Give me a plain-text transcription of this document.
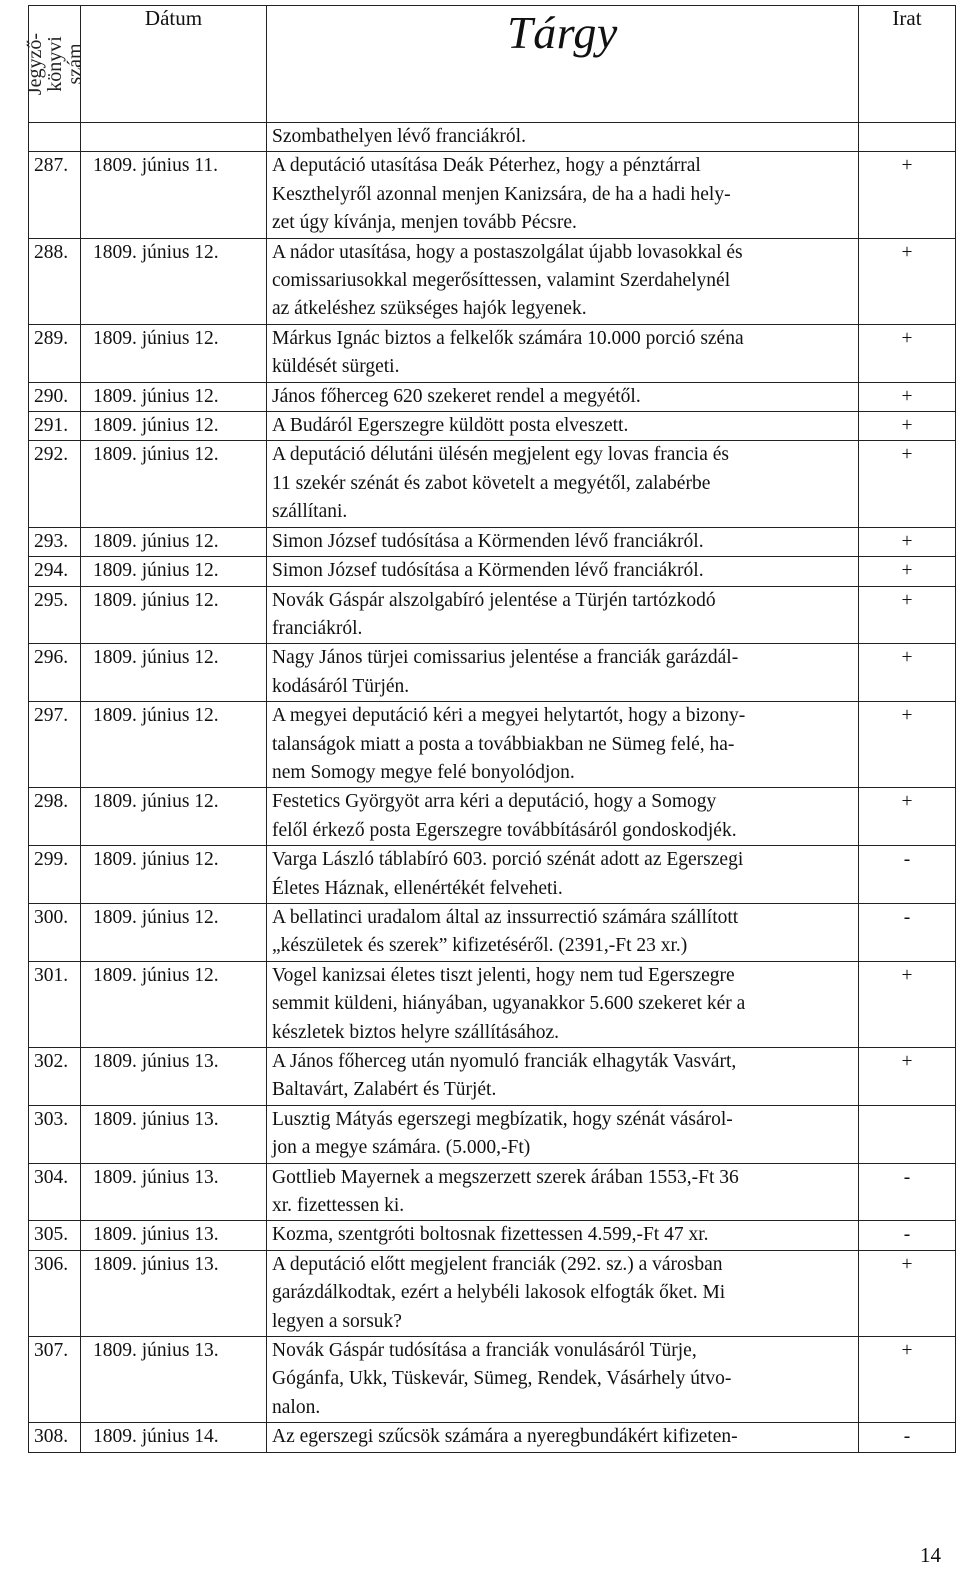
Jegyző-
könyvi
szám	Dátum	Tárgy	Irat

		Szombathelyen lévő franciákról.	

287.	1809. június 11.	A deputáció utasítása Deák Péterhez, hogy a pénztárral
Keszthelyről azonnal menjen Kanizsára, de ha a hadi hely-
zet úgy kívánja, menjen tovább Pécsre.	+
288.	1809. június 12.	A nádor utasítása, hogy a postaszolgálat újabb lovasokkal és
comissariusokkal megerősíttessen, valamint Szerdahelynél
az átkeléshez szükséges hajók legyenek.	+
289.	1809. június 12.	Márkus Ignác biztos a felkelők számára 10.000 porció széna
küldését sürgeti.	+
290.	1809. június 12.	János főherceg 620 szekeret rendel a megyétől.	+
291.	1809. június 12.	A Budáról Egerszegre küldött posta elveszett.	+
292.	1809. június 12.	A deputáció délutáni ülésén megjelent egy lovas francia és
11 szekér szénát és zabot követelt a megyétől, zalabérbe
szállítani.	+
293.	1809. június 12.	Simon József tudósítása a Körmenden lévő franciákról.	+
294.	1809. június 12.	Simon József tudósítása a Körmenden lévő franciákról.	+
295.	1809. június 12.	Novák Gáspár alszolgabíró jelentése a Türjén tartózkodó
franciákról.	+
296.	1809. június 12.	Nagy János türjei comissarius jelentése a franciák garázdál-
kodásáról Türjén.	+
297.	1809. június 12.	A megyei deputáció kéri a megyei helytartót, hogy a bizony-
talanságok miatt a posta a továbbiakban ne Sümeg felé, ha-
nem Somogy megye felé bonyolódjon.	+
298.	1809. június 12.	Festetics Györgyöt arra kéri a deputáció, hogy a Somogy
felől érkező posta Egerszegre továbbításáról gondoskodjék.	+
299.	1809. június 12.	Varga László táblabíró 603. porció szénát adott az Egerszegi
Életes Háznak, ellenértékét felveheti.	-
300.	1809. június 12.	A bellatinci uradalom által az inssurrectió számára szállított
„készületek és szerek” kifizetéséről. (2391,-Ft 23 xr.)	-
301.	1809. június 12.	Vogel kanizsai életes tiszt jelenti, hogy nem tud Egerszegre
semmit küldeni, hiányában, ugyanakkor 5.600 szekeret kér a
készletek biztos helyre szállításához.	+
302.	1809. június 13.	A János főherceg után nyomuló franciák elhagyták Vasvárt,
Baltavárt, Zalabért és Türjét.	+
303.	1809. június 13.	Lusztig Mátyás egerszegi megbízatik, hogy szénát vásárol-
jon a megye számára. (5.000,-Ft)	

304.	1809. június 13.	Gottlieb Mayernek a megszerzett szerek árában 1553,-Ft 36
xr. fizettessen ki.	-
305.	1809. június 13.	Kozma, szentgróti boltosnak fizettessen 4.599,-Ft 47 xr.	-
306.	1809. június 13.	A deputáció előtt megjelent franciák (292. sz.) a városban
garázdálkodtak, ezért a helybéli lakosok elfogták őket. Mi
legyen a sorsuk?	+
307.	1809. június 13.	Novák Gáspár tudósítása a franciák vonulásáról Türje,
Gógánfa, Ukk, Tüskevár, Sümeg, Rendek, Vásárhely útvo-
nalon.	+
308.	1809. június 14.	Az egerszegi szűcsök számára a nyeregbundákért kifizeten-	-
14
